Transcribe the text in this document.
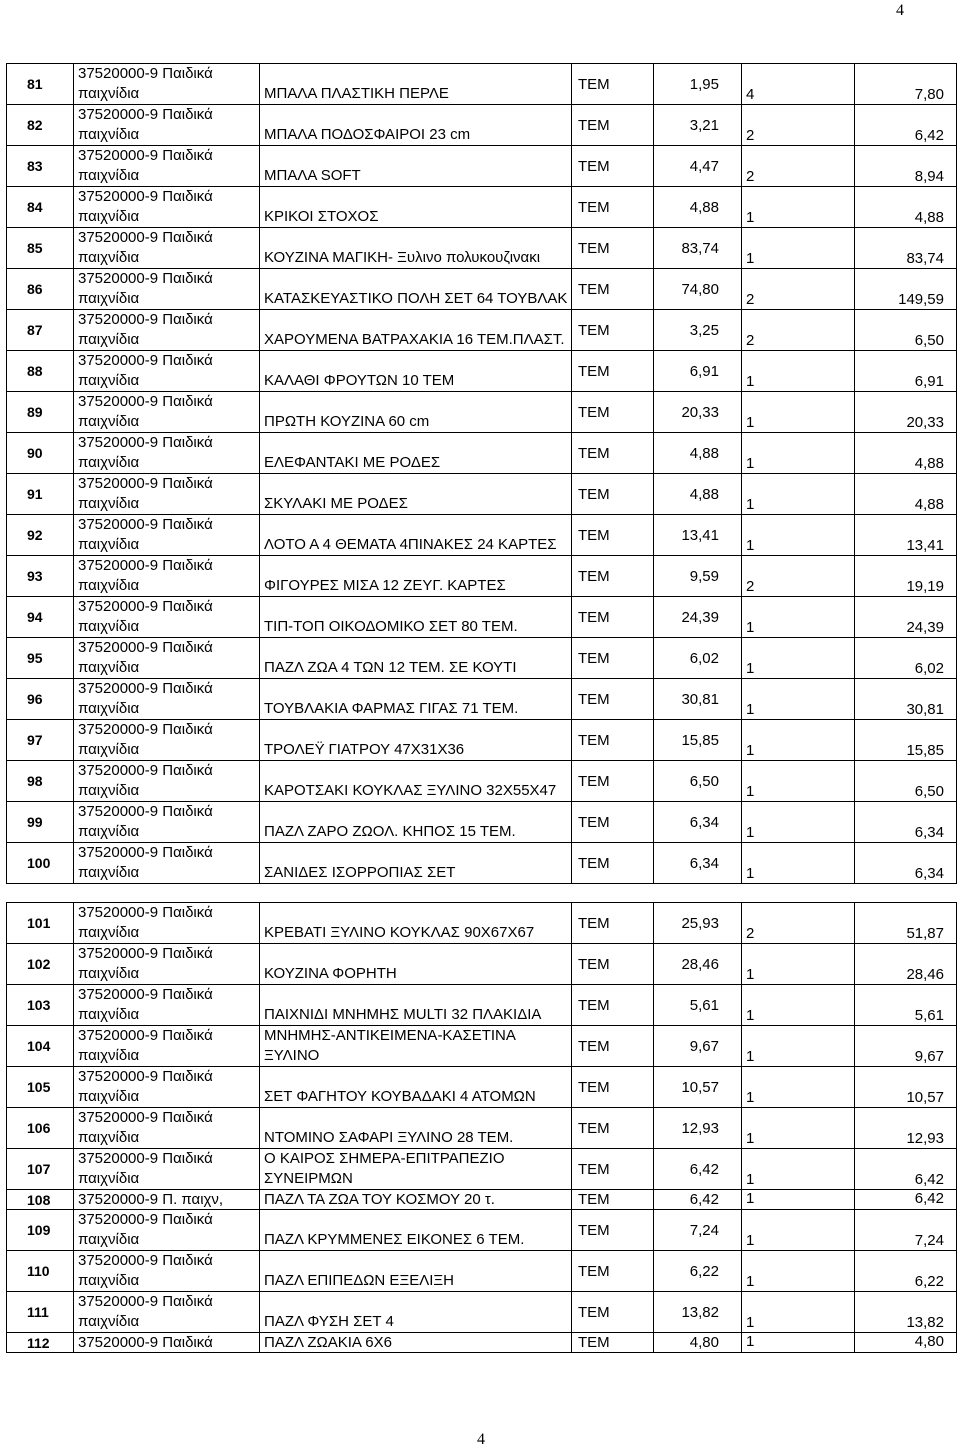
4
81	37520000-9 Παιδικά παιχνίδια	ΜΠΑΛΑ ΠΛΑΣΤΙΚΗ ΠΕΡΛΕ	ΤΕΜ	1,95	4	7,80
82	37520000-9 Παιδικά παιχνίδια	ΜΠΑΛΑ ΠΟΔΟΣΦΑΙΡΟΙ 23 cm	ΤΕΜ	3,21	2	6,42
83	37520000-9 Παιδικά παιχνίδια	ΜΠΑΛΑ SOFT	ΤΕΜ	4,47	2	8,94
84	37520000-9 Παιδικά παιχνίδια	ΚΡΙΚΟΙ ΣΤΟΧΟΣ	ΤΕΜ	4,88	1	4,88
85	37520000-9 Παιδικά παιχνίδια	ΚΟΥΖΙΝΑ ΜΑΓΙΚΗ- Ξυλινο πολυκουζινακι	ΤΕΜ	83,74	1	83,74
86	37520000-9 Παιδικά παιχνίδια	ΚΑΤΑΣΚΕΥΑΣΤΙΚΟ ΠΟΛΗ ΣΕΤ 64 ΤΟΥΒΛΑΚ	ΤΕΜ	74,80	2	149,59
87	37520000-9 Παιδικά παιχνίδια	ΧΑΡΟΥΜΕΝΑ ΒΑΤΡΑΧΑΚΙΑ 16 ΤΕΜ.ΠΛΑΣΤ.	ΤΕΜ	3,25	2	6,50
88	37520000-9 Παιδικά παιχνίδια	ΚΑΛΑΘΙ ΦΡΟΥΤΩΝ 10 ΤΕΜ	ΤΕΜ	6,91	1	6,91
89	37520000-9 Παιδικά παιχνίδια	ΠΡΩΤΗ ΚΟΥΖΙΝΑ 60 cm	ΤΕΜ	20,33	1	20,33
90	37520000-9 Παιδικά παιχνίδια	ΕΛΕΦΑΝΤΑΚΙ ΜΕ ΡΟΔΕΣ	ΤΕΜ	4,88	1	4,88
91	37520000-9 Παιδικά παιχνίδια	ΣΚΥΛΑΚΙ ΜΕ ΡΟΔΕΣ	ΤΕΜ	4,88	1	4,88
92	37520000-9 Παιδικά παιχνίδια	ΛΟΤΟ Α 4 ΘΕΜΑΤΑ 4ΠΙΝΑΚΕΣ 24 ΚΑΡΤΕΣ	ΤΕΜ	13,41	1	13,41
93	37520000-9 Παιδικά παιχνίδια	ΦΙΓΟΥΡΕΣ ΜΙΣΑ 12 ΖΕΥΓ. ΚΑΡΤΕΣ	ΤΕΜ	9,59	2	19,19
94	37520000-9 Παιδικά παιχνίδια	ΤΙΠ-ΤΟΠ ΟΙΚΟΔΟΜΙΚΟ ΣΕΤ 80 ΤΕΜ.	ΤΕΜ	24,39	1	24,39
95	37520000-9 Παιδικά παιχνίδια	ΠΑΖΛ ΖΩΑ 4 ΤΩΝ 12 ΤΕΜ. ΣΕ ΚΟΥΤΙ	ΤΕΜ	6,02	1	6,02
96	37520000-9 Παιδικά παιχνίδια	ΤΟΥΒΛΑΚΙΑ ΦΑΡΜΑΣ ΓΙΓΑΣ 71 ΤΕΜ.	ΤΕΜ	30,81	1	30,81
97	37520000-9 Παιδικά παιχνίδια	ΤΡΟΛΕΫ ΓΙΑΤΡΟΥ 47Χ31Χ36	ΤΕΜ	15,85	1	15,85
98	37520000-9 Παιδικά παιχνίδια	ΚΑΡΟΤΣΑΚΙ ΚΟΥΚΛΑΣ ΞΥΛΙΝΟ 32Χ55Χ47	ΤΕΜ	6,50	1	6,50
99	37520000-9 Παιδικά παιχνίδια	ΠΑΖΛ ΖΑΡΟ ΖΩΟΛ. ΚΗΠΟΣ 15 ΤΕΜ.	ΤΕΜ	6,34	1	6,34
100	37520000-9 Παιδικά παιχνίδια	ΣΑΝΙΔΕΣ ΙΣΟΡΡΟΠΙΑΣ ΣΕΤ	ΤΕΜ	6,34	1	6,34
101	37520000-9 Παιδικά παιχνίδια	ΚΡΕΒΑΤΙ ΞΥΛΙΝΟ ΚΟΥΚΛΑΣ 90Χ67Χ67	ΤΕΜ	25,93	2	51,87
102	37520000-9 Παιδικά παιχνίδια	ΚΟΥΖΙΝΑ ΦΟΡΗΤΗ	ΤΕΜ	28,46	1	28,46
103	37520000-9 Παιδικά παιχνίδια	ΠΑΙΧΝΙΔΙ ΜΝΗΜΗΣ MULTI 32 ΠΛΑΚΙΔΙΑ	ΤΕΜ	5,61	1	5,61
104	37520000-9 Παιδικά παιχνίδια	ΜΝΗΜΗΣ-ΑΝΤΙΚΕΙΜΕΝΑ-ΚΑΣΕΤΙΝΑ ΞΥΛΙΝΟ	ΤΕΜ	9,67	1	9,67
105	37520000-9 Παιδικά παιχνίδια	ΣΕΤ ΦΑΓΗΤΟΥ ΚΟΥΒΑΔΑΚΙ 4 ΑΤΟΜΩΝ	ΤΕΜ	10,57	1	10,57
106	37520000-9 Παιδικά παιχνίδια	ΝΤΟΜΙΝΟ ΣΑΦΑΡΙ ΞΥΛΙΝΟ 28 ΤΕΜ.	ΤΕΜ	12,93	1	12,93
107	37520000-9 Παιδικά παιχνίδια	Ο ΚΑΙΡΟΣ ΣΗΜΕΡΑ-ΕΠΙΤΡΑΠΕΖΙΟ ΣΥΝΕΙΡΜΩΝ	ΤΕΜ	6,42	1	6,42
108	37520000-9 Π. παιχν,	ΠΑΖΛ ΤΑ ΖΩΑ ΤΟΥ ΚΟΣΜΟΥ 20 τ.	ΤΕΜ	6,42	1	6,42
109	37520000-9 Παιδικά παιχνίδια	ΠΑΖΛ ΚΡΥΜΜΕΝΕΣ ΕΙΚΟΝΕΣ 6 ΤΕΜ.	ΤΕΜ	7,24	1	7,24
110	37520000-9 Παιδικά παιχνίδια	ΠΑΖΛ ΕΠΙΠΕΔΩΝ ΕΞΕΛΙΞΗ	ΤΕΜ	6,22	1	6,22
111	37520000-9 Παιδικά παιχνίδια	ΠΑΖΛ ΦΥΣΗ ΣΕΤ 4	ΤΕΜ	13,82	1	13,82
112	37520000-9 Παιδικά	ΠΑΖΛ ΖΩΑΚΙΑ 6Χ6	ΤΕΜ	4,80	1	4,80
4
